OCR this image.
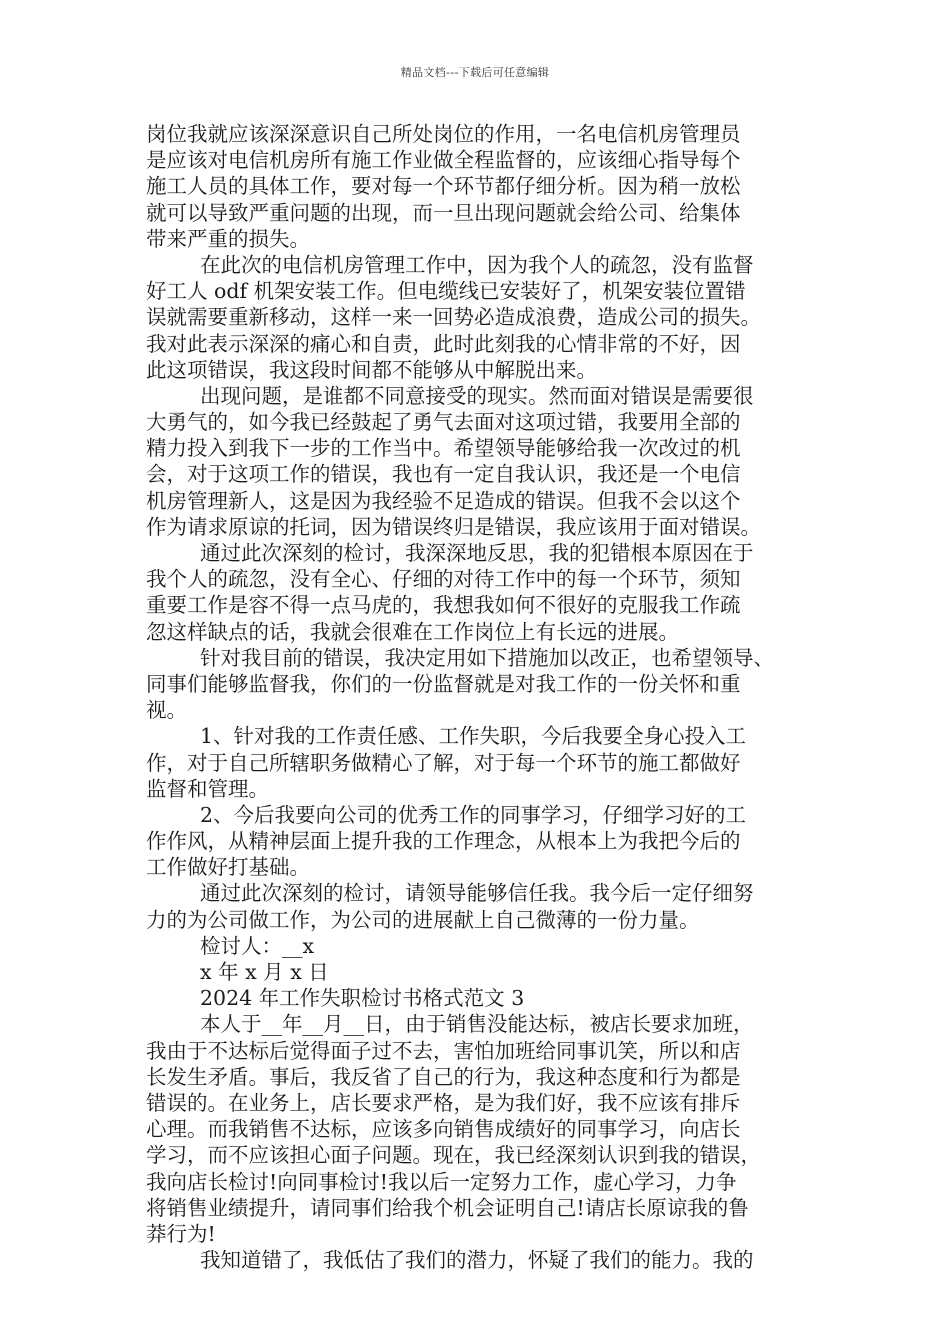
精品文档---下载后可任意编辑
岗位我就应该深深意识自己所处岗位的作用，一名电信机房管理员
是应该对电信机房所有施工作业做全程监督的，应该细心指导每个
施工人员的具体工作，要对每一个环节都仔细分析。因为稍一放松
就可以导致严重问题的出现，而一旦出现问题就会给公司、给集体
带来严重的损失。
在此次的电信机房管理工作中，因为我个人的疏忽，没有监督
好工人 odf 机架安装工作。但电缆线已安装好了，机架安装位置错
误就需要重新移动，这样一来一回势必造成浪费，造成公司的损失。
我对此表示深深的痛心和自责，此时此刻我的心情非常的不好，因
此这项错误，我这段时间都不能够从中解脱出来。
出现问题，是谁都不同意接受的现实。然而面对错误是需要很
大勇气的，如今我已经鼓起了勇气去面对这项过错，我要用全部的
精力投入到我下一步的工作当中。希望领导能够给我一次改过的机
会，对于这项工作的错误，我也有一定自我认识，我还是一个电信
机房管理新人，这是因为我经验不足造成的错误。但我不会以这个
作为请求原谅的托词，因为错误终归是错误，我应该用于面对错误。
通过此次深刻的检讨，我深深地反思，我的犯错根本原因在于
我个人的疏忽，没有全心、仔细的对待工作中的每一个环节，须知
重要工作是容不得一点马虎的，我想我如何不很好的克服我工作疏
忽这样缺点的话，我就会很难在工作岗位上有长远的进展。
针对我目前的错误，我决定用如下措施加以改正，也希望领导、
同事们能够监督我，你们的一份监督就是对我工作的一份关怀和重
视。
1、针对我的工作责任感、工作失职，今后我要全身心投入工
作，对于自己所辖职务做精心了解，对于每一个环节的施工都做好
监督和管理。
2、今后我要向公司的优秀工作的同事学习，仔细学习好的工
作作风，从精神层面上提升我的工作理念，从根本上为我把今后的
工作做好打基础。
通过此次深刻的检讨，请领导能够信任我。我今后一定仔细努
力的为公司做工作，为公司的进展献上自己微薄的一份力量。
检讨人：__x
x 年 x 月 x 日
2024 年工作失职检讨书格式范文 3
本人于__年__月__日，由于销售没能达标，被店长要求加班，
我由于不达标后觉得面子过不去，害怕加班给同事讥笑，所以和店
长发生矛盾。事后，我反省了自己的行为，我这种态度和行为都是
错误的。在业务上，店长要求严格，是为我们好，我不应该有排斥
心理。而我销售不达标，应该多向销售成绩好的同事学习，向店长
学习，而不应该担心面子问题。现在，我已经深刻认识到我的错误，
我向店长检讨!向同事检讨!我以后一定努力工作，虚心学习，力争
将销售业绩提升，请同事们给我个机会证明自己!请店长原谅我的鲁
莽行为!
我知道错了，我低估了我们的潜力，怀疑了我们的能力。我的
